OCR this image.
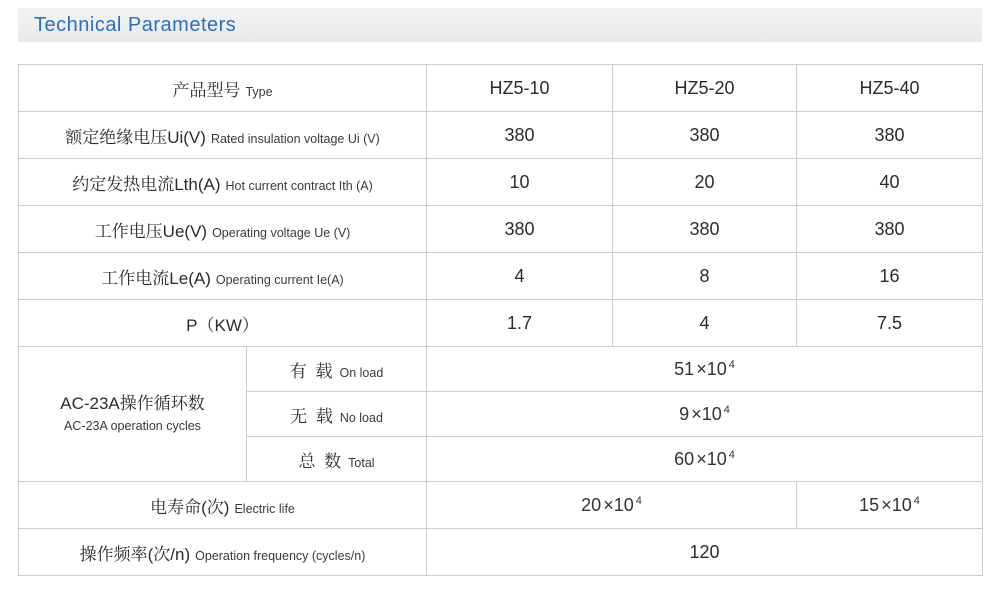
Technical Parameters
产品型号 Type		HZ5-10	HZ5-20	HZ5-40
额定绝缘电压Ui(V) Rated insulation voltage Ui (V)		380	380	380
约定发热电流Lth(A) Hot current contract Ith (A)		10	20	40
工作电压Ue(V) Operating voltage Ue (V)		380	380	380
工作电流Le(A) Operating current Ie(A)		4	8	16
P（KW）		1.7	4	7.5

AC-23A操作循环数
AC-23A operation cycles	有 载 On load	51 ×10 $^4$
	无 载 No load	9 ×10 $^4$
	总 数 Total	60 ×10 $^4$
电寿命(次) Electric life		20 ×10 $^4$		15 ×10 $^4$
操作频率(次/n) Operation frequency (cycles/n)		120		
